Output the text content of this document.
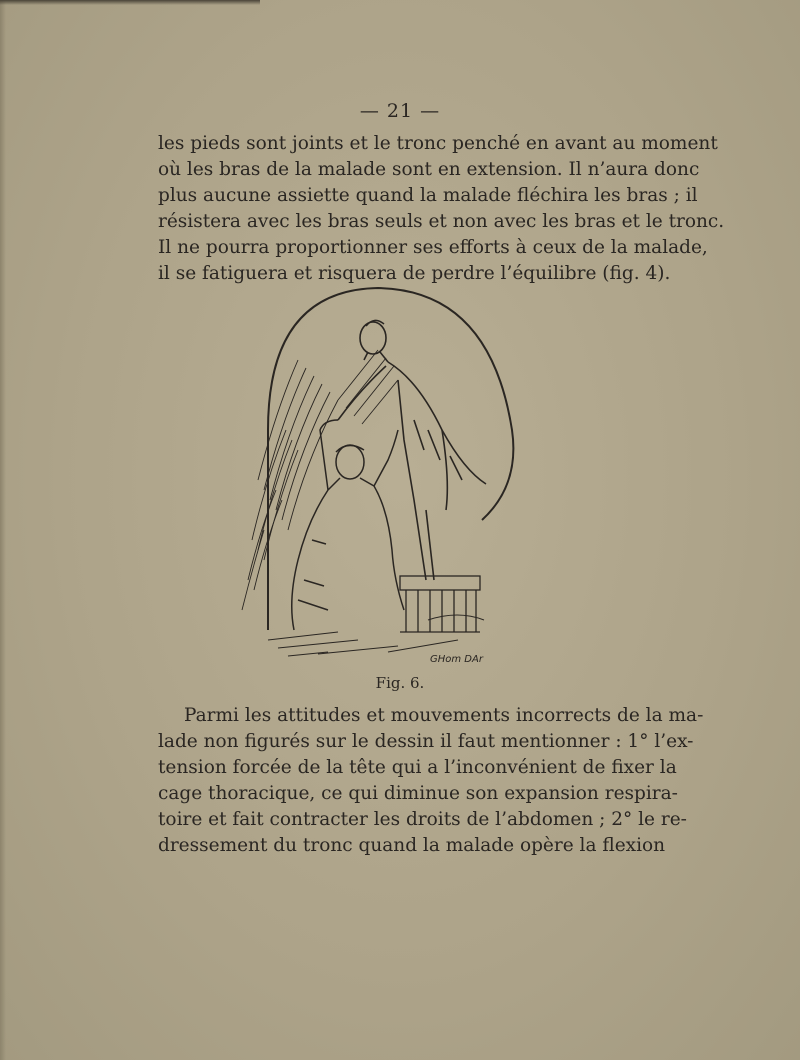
— 21 —
les pieds sont joints et le tronc penché en avant au moment
où les bras de la malade sont en extension. Il n’aura donc
plus aucune assiette quand la malade fléchira les bras ; il
résistera avec les bras seuls et non avec les bras et le tronc.
Il ne pourra proportionner ses efforts à ceux de la malade,
il se fatiguera et risquera de perdre l’équilibre (fig. 4).
GHom DAr
Fig. 6.
Parmi les attitudes et mouvements incorrects de la ma-
lade non figurés sur le dessin il faut mentionner : 1° l’ex-
tension forcée de la tête qui a l’inconvénient de fixer la
cage thoracique, ce qui diminue son expansion respira-
toire et fait contracter les droits de l’abdomen ; 2° le re-
dressement du tronc quand la malade opère la flexion
